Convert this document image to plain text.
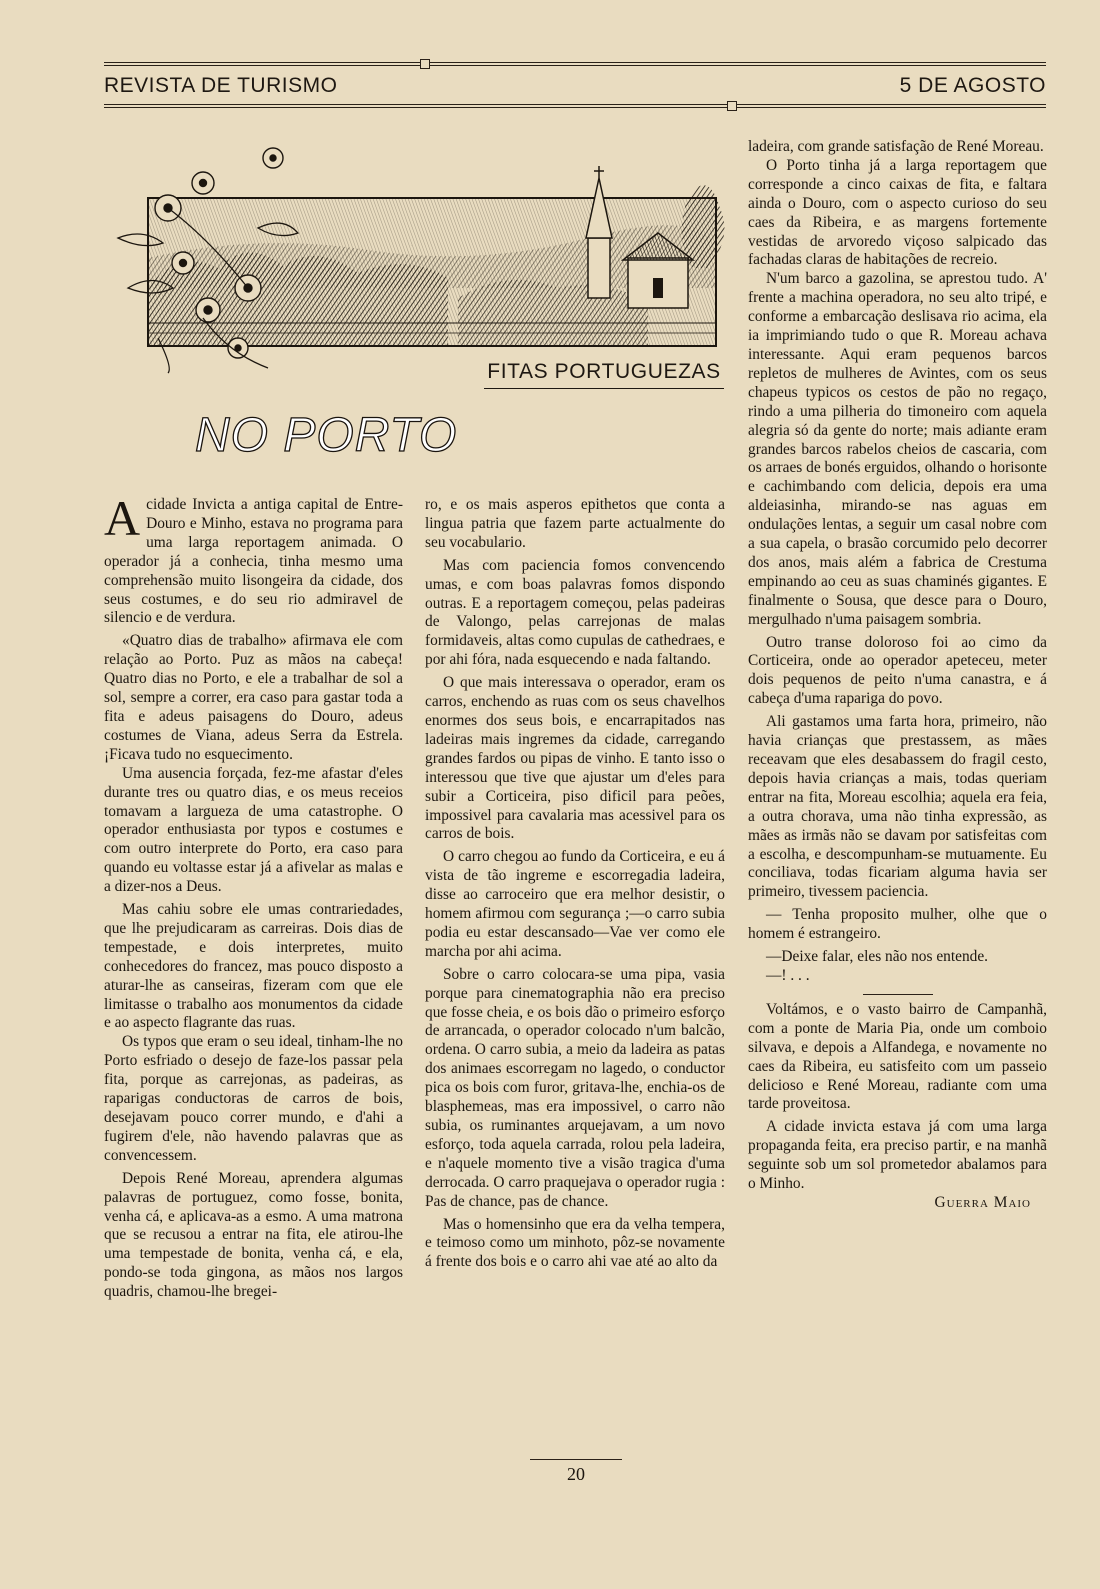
REVISTA DE TURISMO	5 DE AGOSTO
FITAS PORTUGUEZAS
NO PORTO

Acidade Invicta a antiga capital de Entre-Douro e Minho, estava no programa para uma larga reportagem animada. O operador já a conhecia, tinha mesmo uma comprehensão muito lisongeira da cidade, dos seus costumes, e do seu rio admiravel de silencio e de verdura.

«Quatro dias de trabalho» afirmava ele com relação ao Porto. Puz as mãos na cabeça! Quatro dias no Porto, e ele a trabalhar de sol a sol, sempre a correr, era caso para gastar toda a fita e adeus paisagens do Douro, adeus costumes de Viana, adeus Serra da Estrela. ¡Ficava tudo no esquecimento.

Uma ausencia forçada, fez-me afastar d'eles durante tres ou quatro dias, e os meus receios tomavam a largueza de uma catastrophe. O operador enthusiasta por typos e costumes e com outro interprete do Porto, era caso para quando eu voltasse estar já a afivelar as malas e a dizer-nos a Deus.

Mas cahiu sobre ele umas contrariedades, que lhe prejudicaram as carreiras. Dois dias de tempestade, e dois interpretes, muito conhecedores do francez, mas pouco disposto a aturar-lhe as canseiras, fizeram com que ele limitasse o trabalho aos monumentos da cidade e ao aspecto flagrante das ruas.

Os typos que eram o seu ideal, tinham-lhe no Porto esfriado o desejo de faze-los passar pela fita, porque as carrejonas, as padeiras, as raparigas conductoras de carros de bois, desejavam pouco correr mundo, e d'ahi a fugirem d'ele, não havendo palavras que as convencessem.

Depois René Moreau, aprendera algumas palavras de portuguez, como fosse, bonita, venha cá, e aplicava-as a esmo. A uma matrona que se recusou a entrar na fita, ele atirou-lhe uma tempestade de bonita, venha cá, e ela, pondo-se toda gingona, as mãos nos largos quadris, chamou-lhe bregei-

ro, e os mais asperos epithetos que conta a lingua patria que fazem parte actualmente do seu vocabulario.

Mas com paciencia fomos convencendo umas, e com boas palavras fomos dispondo outras. E a reportagem começou, pelas padeiras de Valongo, pelas carrejonas de malas formidaveis, altas como cupulas de cathedraes, e por ahi fóra, nada esquecendo e nada faltando.

O que mais interessava o operador, eram os carros, enchendo as ruas com os seus chavelhos enormes dos seus bois, e encarrapitados nas ladeiras mais ingremes da cidade, carregando grandes fardos ou pipas de vinho. E tanto isso o interessou que tive que ajustar um d'eles para subir a Corticeira, piso dificil para peões, impossivel para cavalaria mas acessivel para os carros de bois.

O carro chegou ao fundo da Corticeira, e eu á vista de tão ingreme e escorregadia ladeira, disse ao carroceiro que era melhor desistir, o homem afirmou com segurança ;—o carro subia podia eu estar descansado—Vae ver como ele marcha por ahi acima.

Sobre o carro colocara-se uma pipa, vasia porque para cinematographia não era preciso que fosse cheia, e os bois dão o primeiro esforço de arrancada, o operador colocado n'um balcão, ordena. O carro subia, a meio da ladeira as patas dos animaes escorregam no lagedo, o conductor pica os bois com furor, gritava-lhe, enchia-os de blasphemeas, mas era impossivel, o carro não subia, os ruminantes arquejavam, a um novo esforço, toda aquela carrada, rolou pela ladeira, e n'aquele momento tive a visão tragica d'uma derrocada. O carro praquejava o operador rugia : Pas de chance, pas de chance.

Mas o homensinho que era da velha tempera, e teimoso como um minhoto, pôz-se novamente á frente dos bois e o carro ahi vae até ao alto da

ladeira, com grande satisfação de René Moreau.

O Porto tinha já a larga reportagem que corresponde a cinco caixas de fita, e faltara ainda o Douro, com o aspecto curioso do seu caes da Ribeira, e as margens fortemente vestidas de arvoredo viçoso salpicado das fachadas claras de habitações de recreio.

N'um barco a gazolina, se aprestou tudo. A' frente a machina operadora, no seu alto tripé, e conforme a embarcação deslisava rio acima, ela ia imprimiando tudo o que R. Moreau achava interessante. Aqui eram pequenos barcos repletos de mulheres de Avintes, com os seus chapeus typicos os cestos de pão no regaço, rindo a uma pilheria do timoneiro com aquela alegria só da gente do norte; mais adiante eram grandes barcos rabelos cheios de cascaria, com os arraes de bonés erguidos, olhando o horisonte e cachimbando com delicia, depois era uma aldeiasinha, mirando-se nas aguas em ondulações lentas, a seguir um casal nobre com a sua capela, o brasão corcumido pelo decorrer dos anos, mais além a fabrica de Crestuma empinando ao ceu as suas chaminés gigantes. E finalmente o Sousa, que desce para o Douro, mergulhado n'uma paisagem sombria.

Outro transe doloroso foi ao cimo da Corticeira, onde ao operador apeteceu, meter dois pequenos de peito n'uma canastra, e á cabeça d'uma rapariga do povo.

Ali gastamos uma farta hora, primeiro, não havia crianças que prestassem, as mães receavam que eles desabassem do fragil cesto, depois havia crianças a mais, todas queriam entrar na fita, Moreau escolhia; aquela era feia, a outra chorava, uma não tinha expressão, as mães as irmãs não se davam por satisfeitas com a escolha, e descompunham-se mutuamente. Eu conciliava, todas ficariam alguma havia ser primeiro, tivessem paciencia.

— Tenha proposito mulher, olhe que o homem é estrangeiro.

—Deixe falar, eles não nos entende.

—! . . .

Voltámos, e o vasto bairro de Campanhã, com a ponte de Maria Pia, onde um comboio silvava, e depois a Alfandega, e novamente no caes da Ribeira, eu satisfeito com um passeio delicioso e René Moreau, radiante com uma tarde proveitosa.

A cidade invicta estava já com uma larga propaganda feita, era preciso partir, e na manhã seguinte sob um sol prometedor abalamos para o Minho.

Guerra Maio

20
